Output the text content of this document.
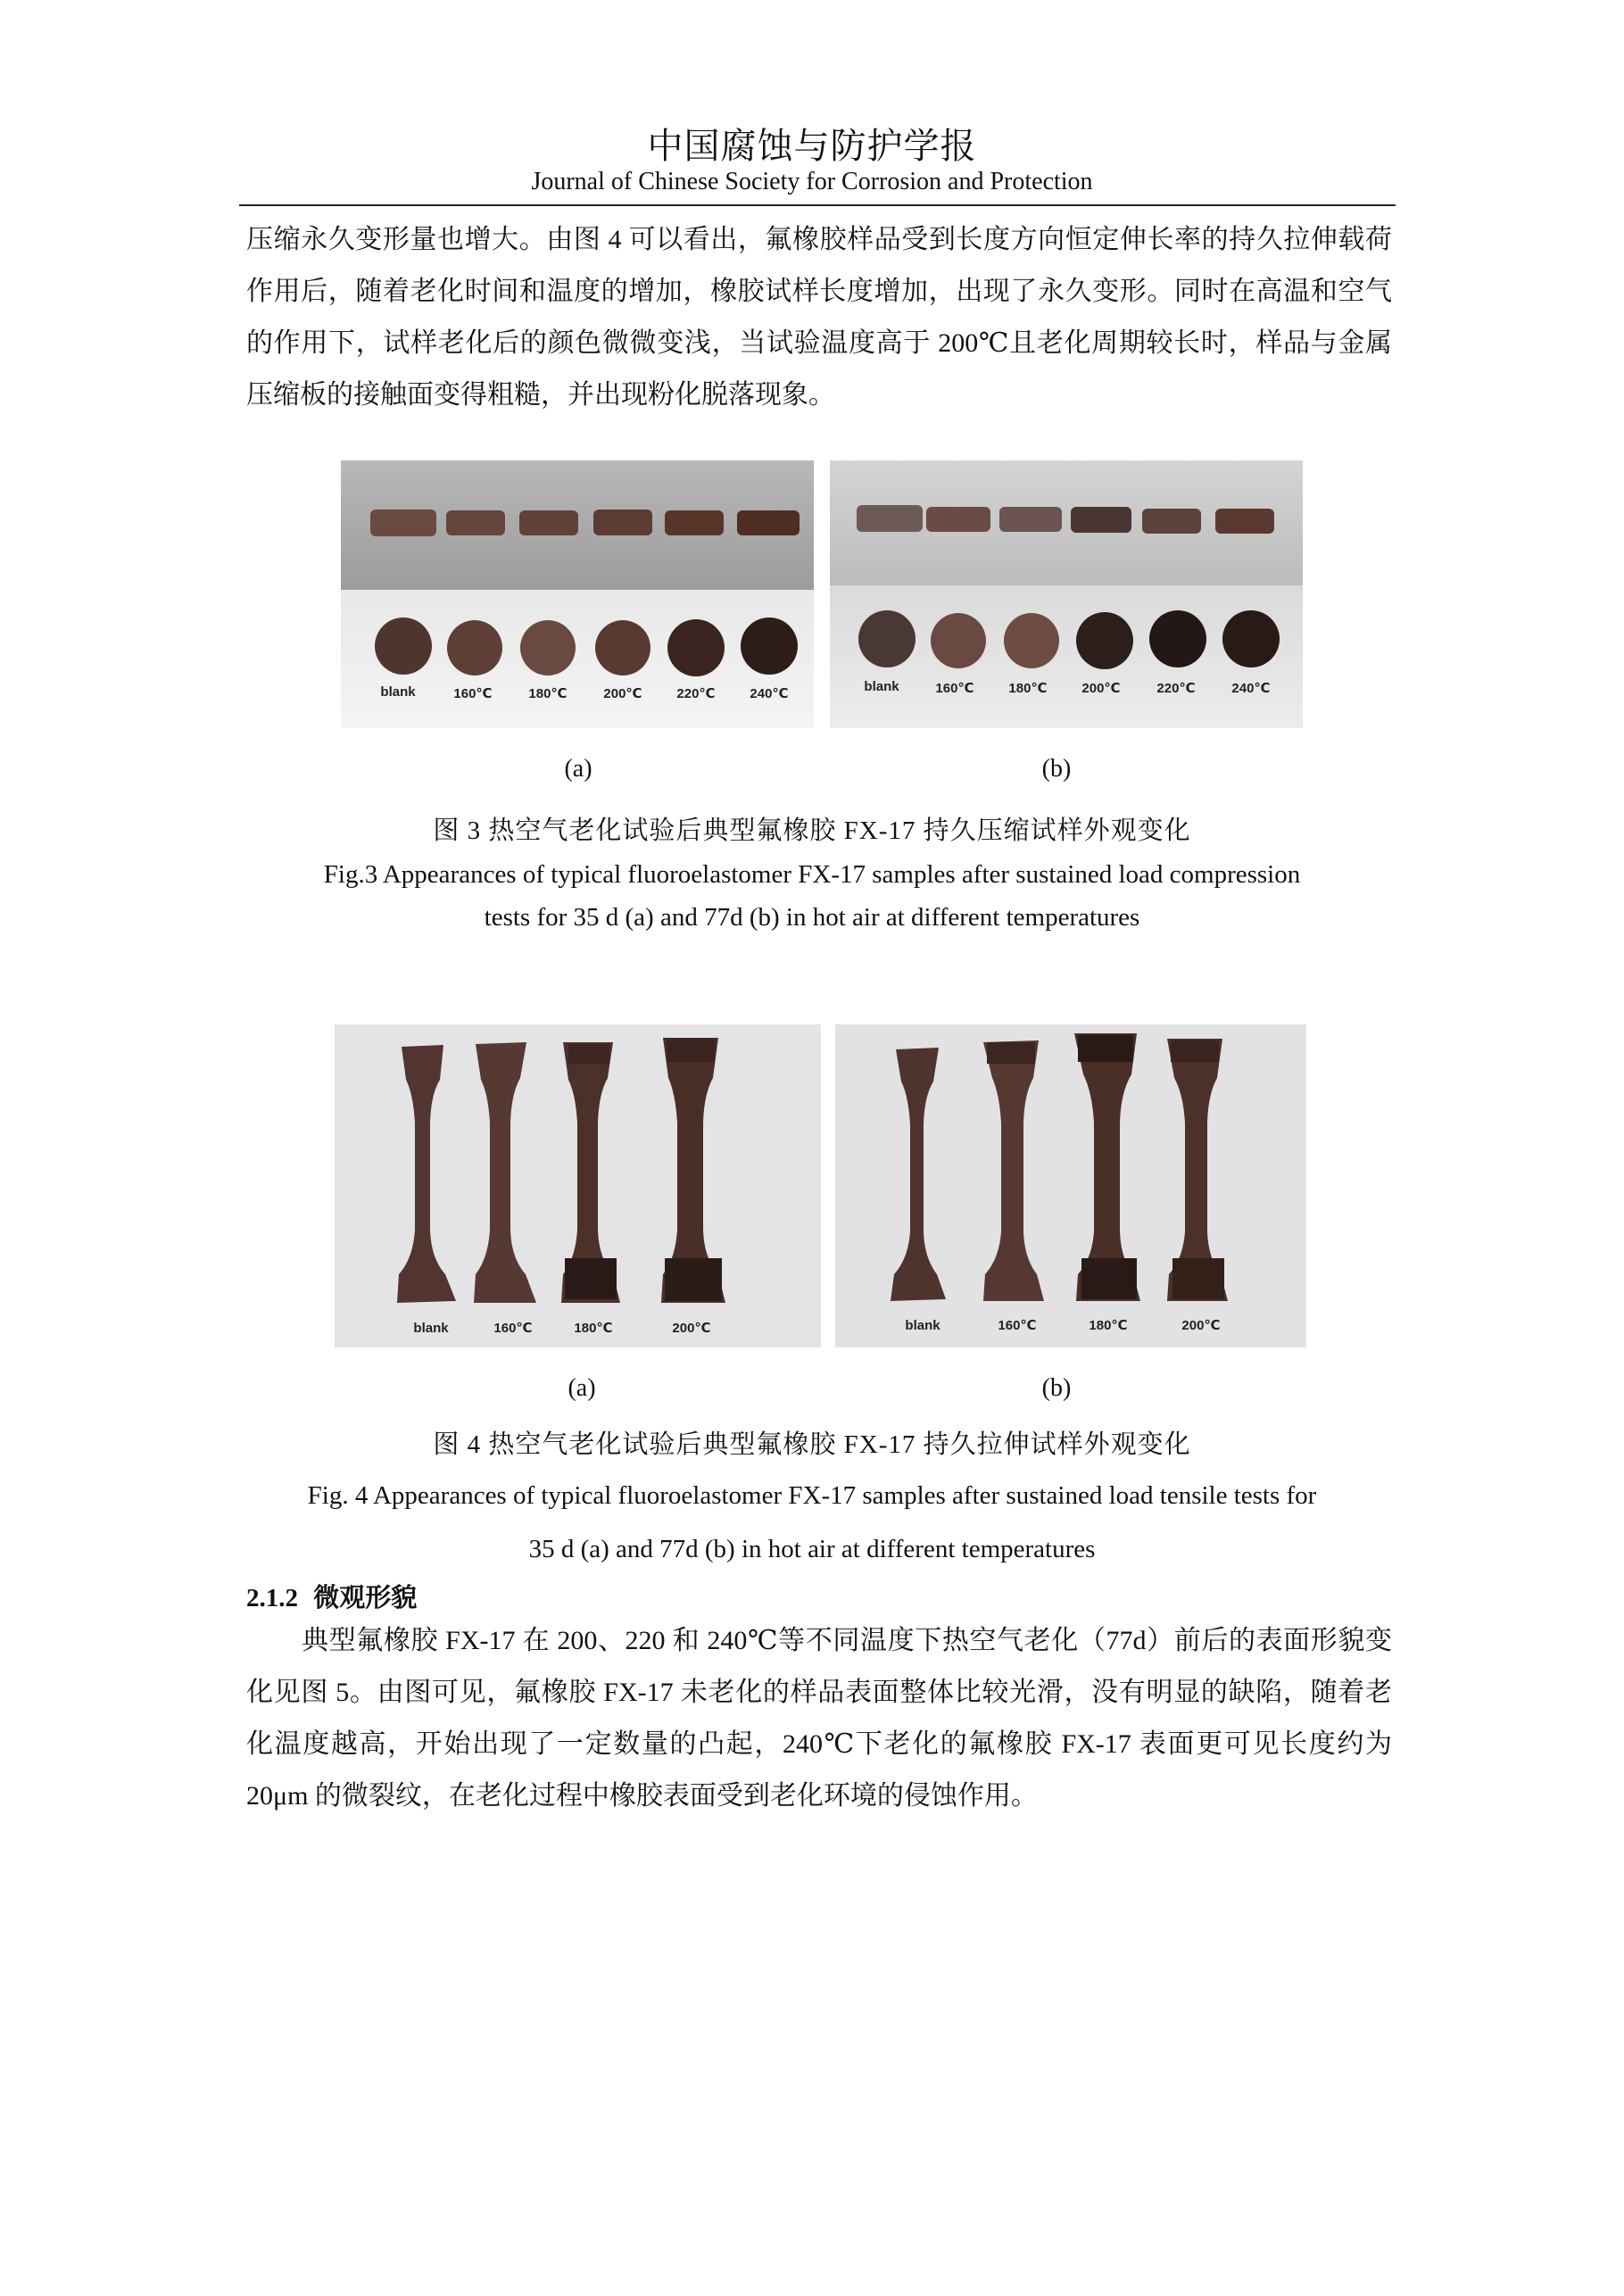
中国腐蚀与防护学报
Journal of Chinese Society for Corrosion and Protection
压缩永久变形量也增大。由图 4 可以看出，氟橡胶样品受到长度方向恒定伸长率的持久拉伸载荷作用后，随着老化时间和温度的增加，橡胶试样长度增加，出现了永久变形。同时在高温和空气的作用下，试样老化后的颜色微微变浅，当试验温度高于 200℃且老化周期较长时，样品与金属压缩板的接触面变得粗糙，并出现粉化脱落现象。
blank	160℃	180℃	200℃	220℃	240℃	blank	160℃	180℃	200℃	220℃	240℃
(a)	(b)
图 3 热空气老化试验后典型氟橡胶 FX-17 持久压缩试样外观变化
Fig.3 Appearances of typical fluoroelastomer FX-17 samples after sustained load compression
tests for 35 d (a) and 77d (b) in hot air at different temperatures
blank	160℃	180℃	200℃	blank	160℃	180℃	200℃
(a)	(b)
图 4 热空气老化试验后典型氟橡胶 FX-17 持久拉伸试样外观变化
Fig. 4 Appearances of typical fluoroelastomer FX-17 samples after sustained load tensile tests for
35 d (a) and 77d (b) in hot air at different temperatures
2.1.2 微观形貌
典型氟橡胶 FX-17 在 200、220 和 240℃等不同温度下热空气老化（77d）前后的表面形貌变化见图 5。由图可见，氟橡胶 FX-17 未老化的样品表面整体比较光滑，没有明显的缺陷，随着老化温度越高，开始出现了一定数量的凸起，240℃下老化的氟橡胶 FX-17 表面更可见长度约为 20μm 的微裂纹，在老化过程中橡胶表面受到老化环境的侵蚀作用。
